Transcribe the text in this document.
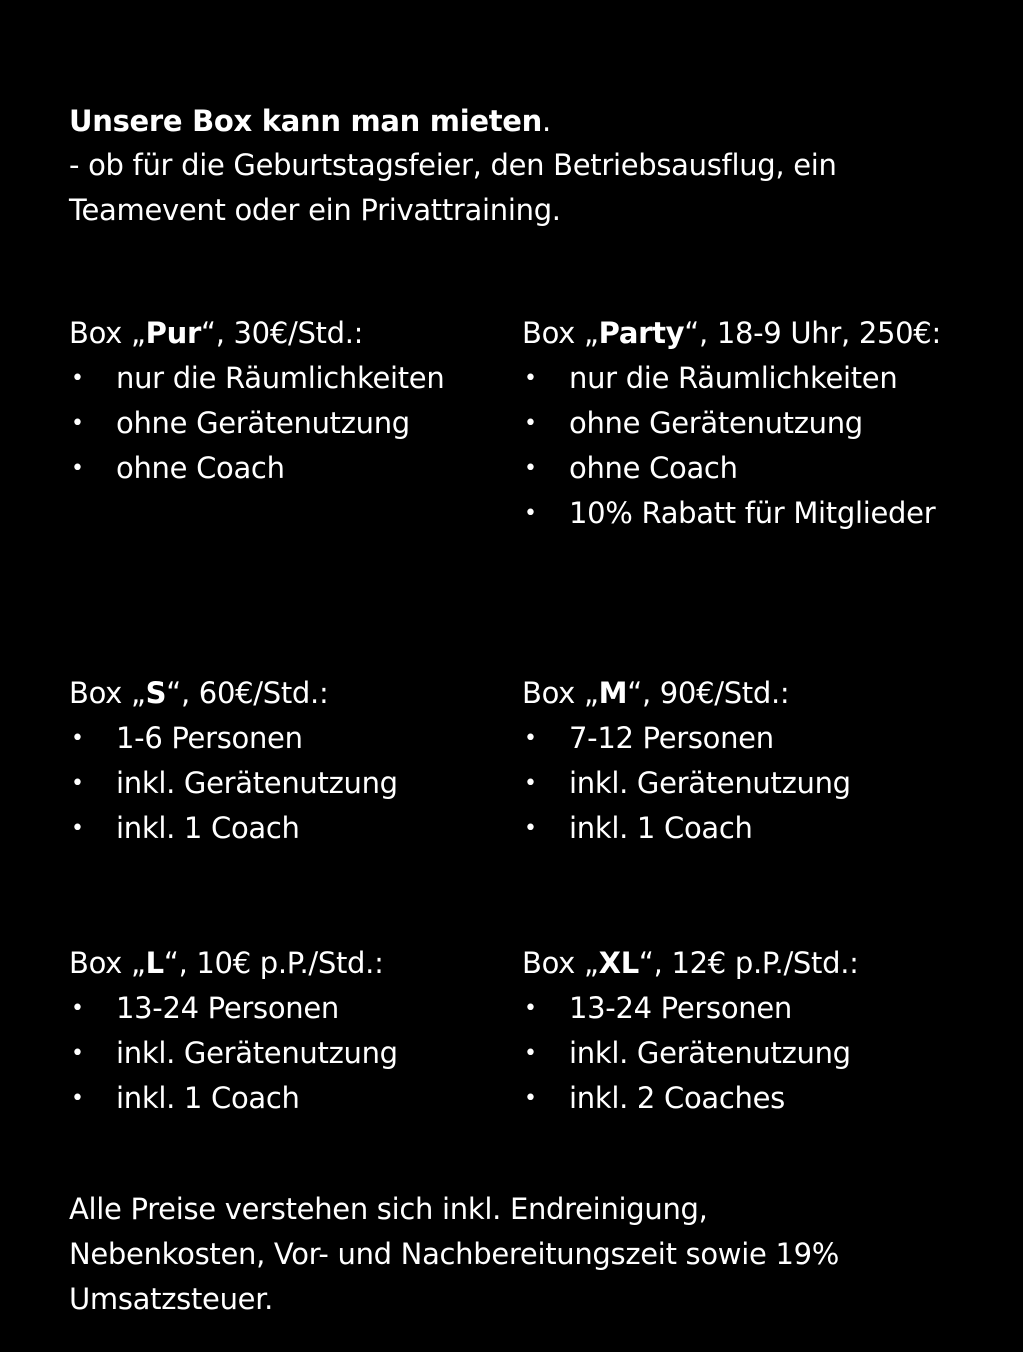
Unsere Box kann man mieten.
- ob für die Geburtstagsfeier, den Betriebsausflug, ein
Teamevent oder ein Privattraining.
Box „Pur“, 30€/Std.:
• nur die Räumlichkeiten
• ohne Gerätenutzung
• ohne Coach
Box „Party“, 18-9 Uhr, 250€:
• nur die Räumlichkeiten
• ohne Gerätenutzung
• ohne Coach
• 10% Rabatt für Mitglieder
Box „S“, 60€/Std.:
• 1-6 Personen
• inkl. Gerätenutzung
• inkl. 1 Coach
Box „M“, 90€/Std.:
• 7-12 Personen
• inkl. Gerätenutzung
• inkl. 1 Coach
Box „L“, 10€ p.P./Std.:
• 13-24 Personen
• inkl. Gerätenutzung
• inkl. 1 Coach
Box „XL“, 12€ p.P./Std.:
• 13-24 Personen
• inkl. Gerätenutzung
• inkl. 2 Coaches
Alle Preise verstehen sich inkl. Endreinigung,
Nebenkosten, Vor- und Nachbereitungszeit sowie 19%
Umsatzsteuer.
